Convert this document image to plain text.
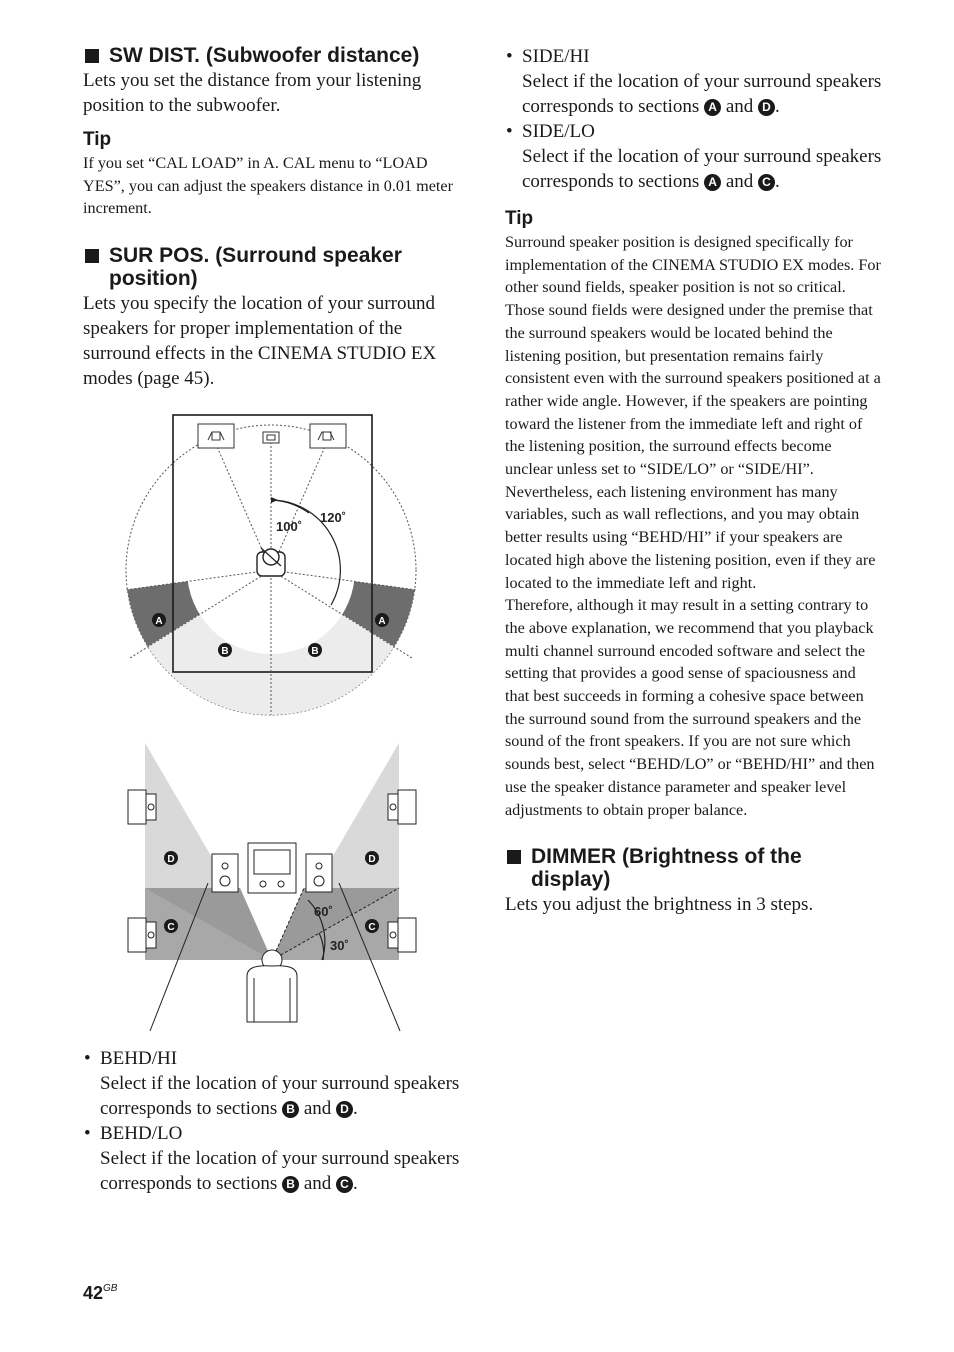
SW DIST. (Subwoofer distance)

Lets you set the distance from your listening position to the subwoofer.

Tip

If you set “CAL LOAD” in A. CAL menu to “LOAD YES”, you can adjust the speakers distance in 0.01 meter increment.

SUR POS. (Surround speaker
position)

Lets you specify the location of your surround speakers for proper implementation of the surround effects in the CINEMA STUDIO EX modes (page 45).

100˚
120˚
A	A
B	B
60˚
30˚
D	D
C	C
• BEHD/HI
Select if the location of your surround speakers corresponds to sections B and D .
• BEHD/LO
Select if the location of your surround speakers corresponds to sections B and C .
• SIDE/HI
Select if the location of your surround speakers corresponds to sections A and D .
• SIDE/LO
Select if the location of your surround speakers corresponds to sections A and C .

Tip

Surround speaker position is designed specifically for implementation of the CINEMA STUDIO EX modes. For other sound fields, speaker position is not so critical.

Those sound fields were designed under the premise that the surround speakers would be located behind the listening position, but presentation remains fairly consistent even with the surround speakers positioned at a rather wide angle. However, if the speakers are pointing toward the listener from the immediate left and right of the listening position, the surround effects become unclear unless set to “SIDE/LO” or “SIDE/HI”.

Nevertheless, each listening environment has many variables, such as wall reflections, and you may obtain better results using “BEHD/HI” if your speakers are located high above the listening position, even if they are located to the immediate left and right.

Therefore, although it may result in a setting contrary to the above explanation, we recommend that you playback multi channel surround encoded software and select the setting that provides a good sense of spaciousness and that best succeeds in forming a cohesive space between the surround sound from the surround speakers and the sound of the front speakers. If you are not sure which sounds best, select “BEHD/LO” or “BEHD/HI” and then use the speaker distance parameter and speaker level adjustments to obtain proper balance.

DIMMER (Brightness of the
display)

Lets you adjust the brightness in 3 steps.

$42^{GB}$
